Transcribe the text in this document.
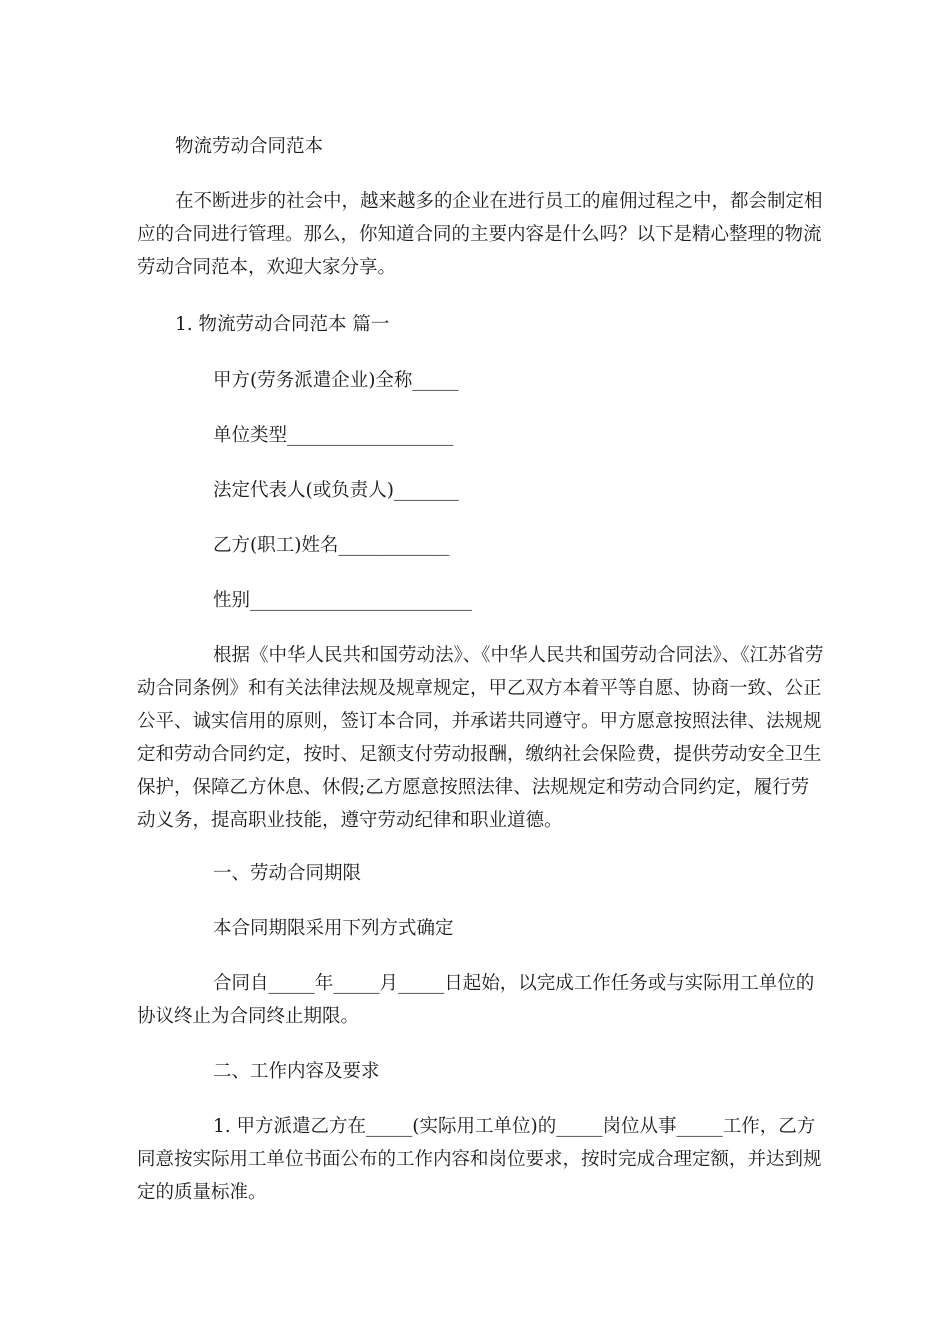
物流劳动合同范本

在不断进步的社会中，越来越多的企业在进行员工的雇佣过程之中，都会制定相应的合同进行管理。那么，你知道合同的主要内容是什么吗？以下是精心整理的物流劳动合同范本，欢迎大家分享。

1. 物流劳动合同范本 篇一

甲方(劳务派遣企业)全称_____

单位类型__________________

法定代表人(或负责人)_______

乙方(职工)姓名____________

性别________________________

根据《中华人民共和国劳动法》、《中华人民共和国劳动合同法》、《江苏省劳动合同条例》和有关法律法规及规章规定，甲乙双方本着平等自愿、协商一致、公正公平、诚实信用的原则，签订本合同，并承诺共同遵守。甲方愿意按照法律、法规规定和劳动合同约定，按时、足额支付劳动报酬，缴纳社会保险费，提供劳动安全卫生保护，保障乙方休息、休假;乙方愿意按照法律、法规规定和劳动合同约定，履行劳动义务，提高职业技能，遵守劳动纪律和职业道德。

一、劳动合同期限

本合同期限采用下列方式确定

合同自_____年_____月_____日起始，以完成工作任务或与实际用工单位的协议终止为合同终止期限。

二、工作内容及要求

1. 甲方派遣乙方在_____(实际用工单位)的_____岗位从事_____工作，乙方同意按实际用工单位书面公布的工作内容和岗位要求，按时完成合理定额，并达到规定的质量标准。
